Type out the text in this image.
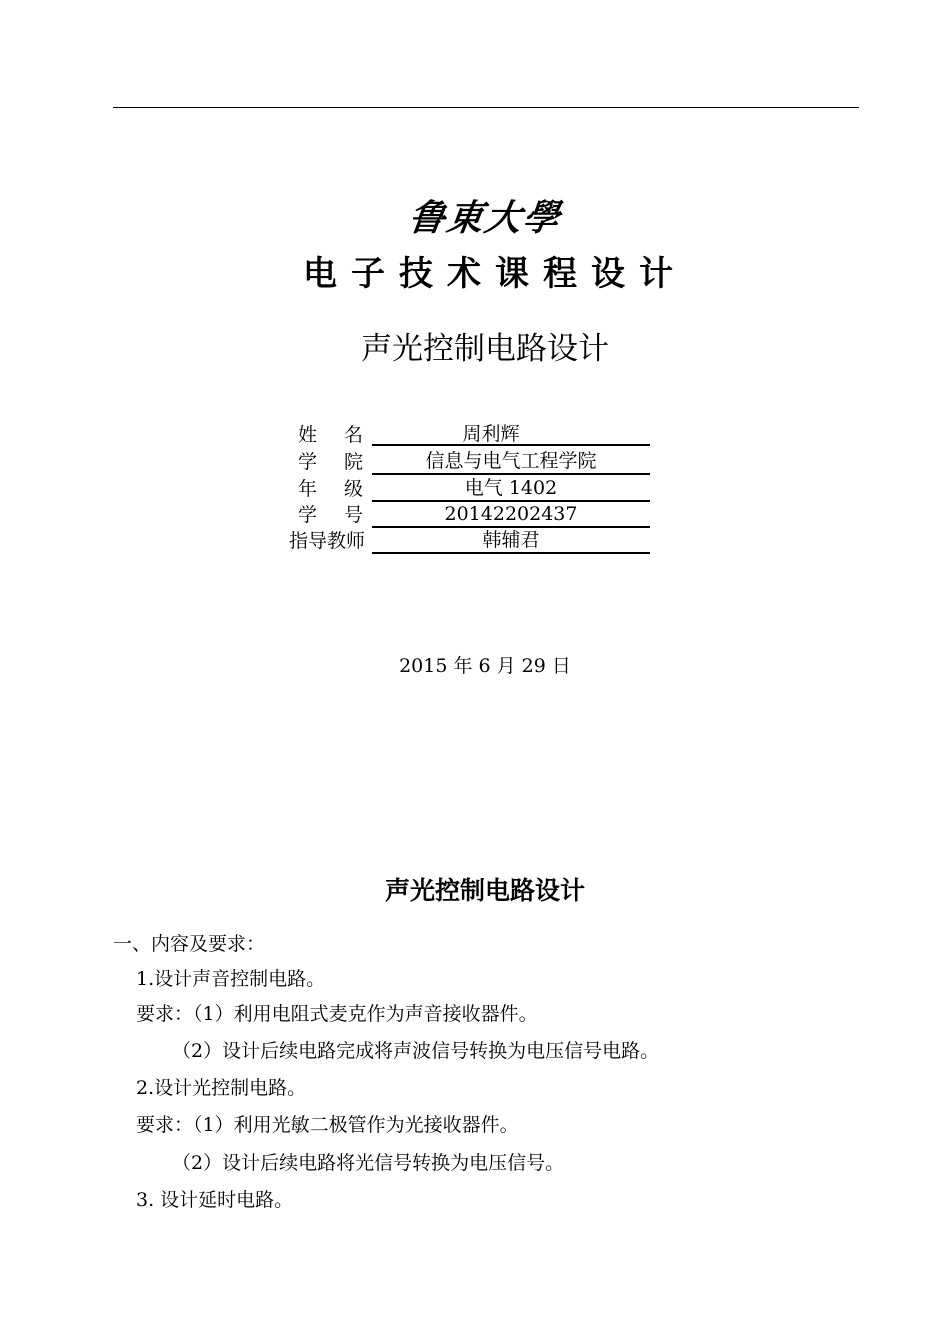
鲁東大學
电子技术课程设计
声光控制电路设计
姓 名	周利辉
学 院	信息与电气工程学院
年 级	电气 1402
学 号	20142202437
指导教师	韩辅君
2015 年 6 月 29 日
声光控制电路设计
一、内容及要求：
1.设计声音控制电路。
要求：（1）利用电阻式麦克作为声音接收器件。
（2）设计后续电路完成将声波信号转换为电压信号电路。
2.设计光控制电路。
要求：（1）利用光敏二极管作为光接收器件。
（2）设计后续电路将光信号转换为电压信号。
3. 设计延时电路。
